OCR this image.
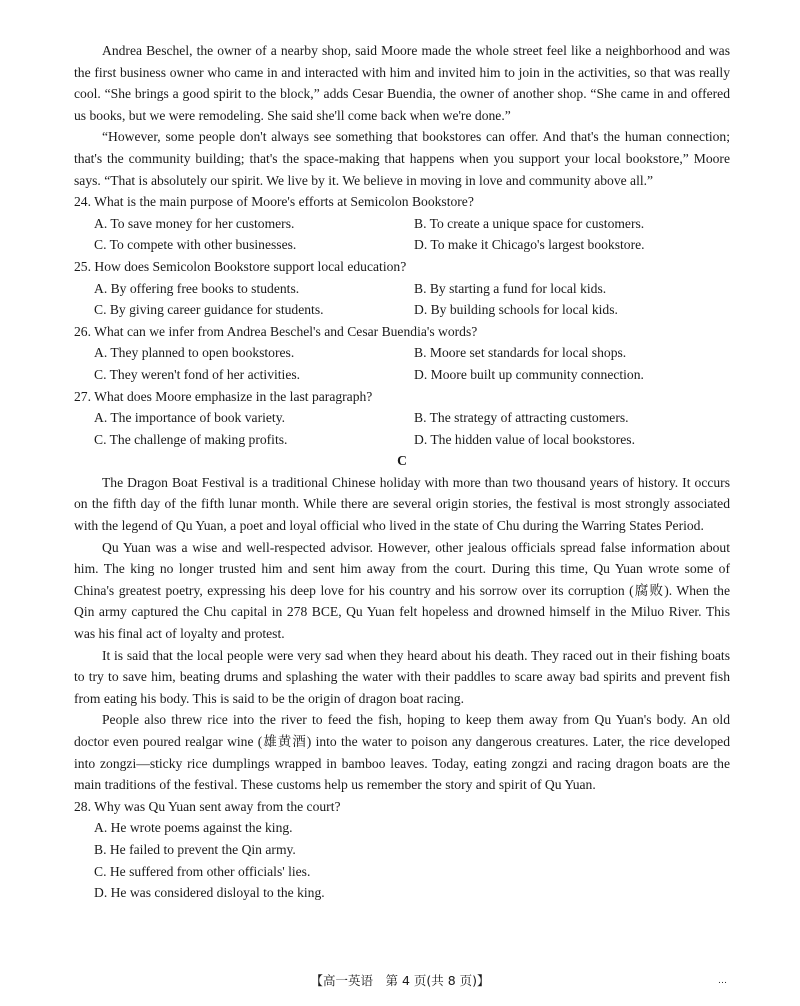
Andrea Beschel, the owner of a nearby shop, said Moore made the whole street feel like a neighborhood and was the first business owner who came in and interacted with him and invited him to join in the activities, so that was really cool. “She brings a good spirit to the block,” adds Cesar Buendia, the owner of another shop. “She came in and offered us books, but we were remodeling. She said she'll come back when we're done.”

“However, some people don't always see something that bookstores can offer. And that's the human connection; that's the community building; that's the space-making that happens when you support your local bookstore,” Moore says. “That is absolutely our spirit. We live by it. We believe in moving in love and community above all.”

24. What is the main purpose of Moore's efforts at Semicolon Bookstore?
A. To save money for her customers.	B. To create a unique space for customers.
C. To compete with other businesses.	D. To make it Chicago's largest bookstore.
25. How does Semicolon Bookstore support local education?
A. By offering free books to students.	B. By starting a fund for local kids.
C. By giving career guidance for students.	D. By building schools for local kids.
26. What can we infer from Andrea Beschel's and Cesar Buendia's words?
A. They planned to open bookstores.	B. Moore set standards for local shops.
C. They weren't fond of her activities.	D. Moore built up community connection.
27. What does Moore emphasize in the last paragraph?
A. The importance of book variety.	B. The strategy of attracting customers.
C. The challenge of making profits.	D. The hidden value of local bookstores.
C

The Dragon Boat Festival is a traditional Chinese holiday with more than two thousand years of history. It occurs on the fifth day of the fifth lunar month. While there are several origin stories, the festival is most strongly associated with the legend of Qu Yuan, a poet and loyal official who lived in the state of Chu during the Warring States Period.

Qu Yuan was a wise and well-respected advisor. However, other jealous officials spread false information about him. The king no longer trusted him and sent him away from the court. During this time, Qu Yuan wrote some of China's greatest poetry, expressing his deep love for his country and his sorrow over its corruption (腐败). When the Qin army captured the Chu capital in 278 BCE, Qu Yuan felt hopeless and drowned himself in the Miluo River. This was his final act of loyalty and protest.

It is said that the local people were very sad when they heard about his death. They raced out in their fishing boats to try to save him, beating drums and splashing the water with their paddles to scare away bad spirits and prevent fish from eating his body. This is said to be the origin of dragon boat racing.

People also threw rice into the river to feed the fish, hoping to keep them away from Qu Yuan's body. An old doctor even poured realgar wine (雄黄酒) into the water to poison any dangerous creatures. Later, the rice developed into zongzi—sticky rice dumplings wrapped in bamboo leaves. Today, eating zongzi and racing dragon boats are the main traditions of the festival. These customs help us remember the story and spirit of Qu Yuan.

28. Why was Qu Yuan sent away from the court?
A. He wrote poems against the king.
B. He failed to prevent the Qin army.
C. He suffered from other officials' lies.
D. He was considered disloyal to the king.
【高一英语　第 4 页(共 8 页)】	…
